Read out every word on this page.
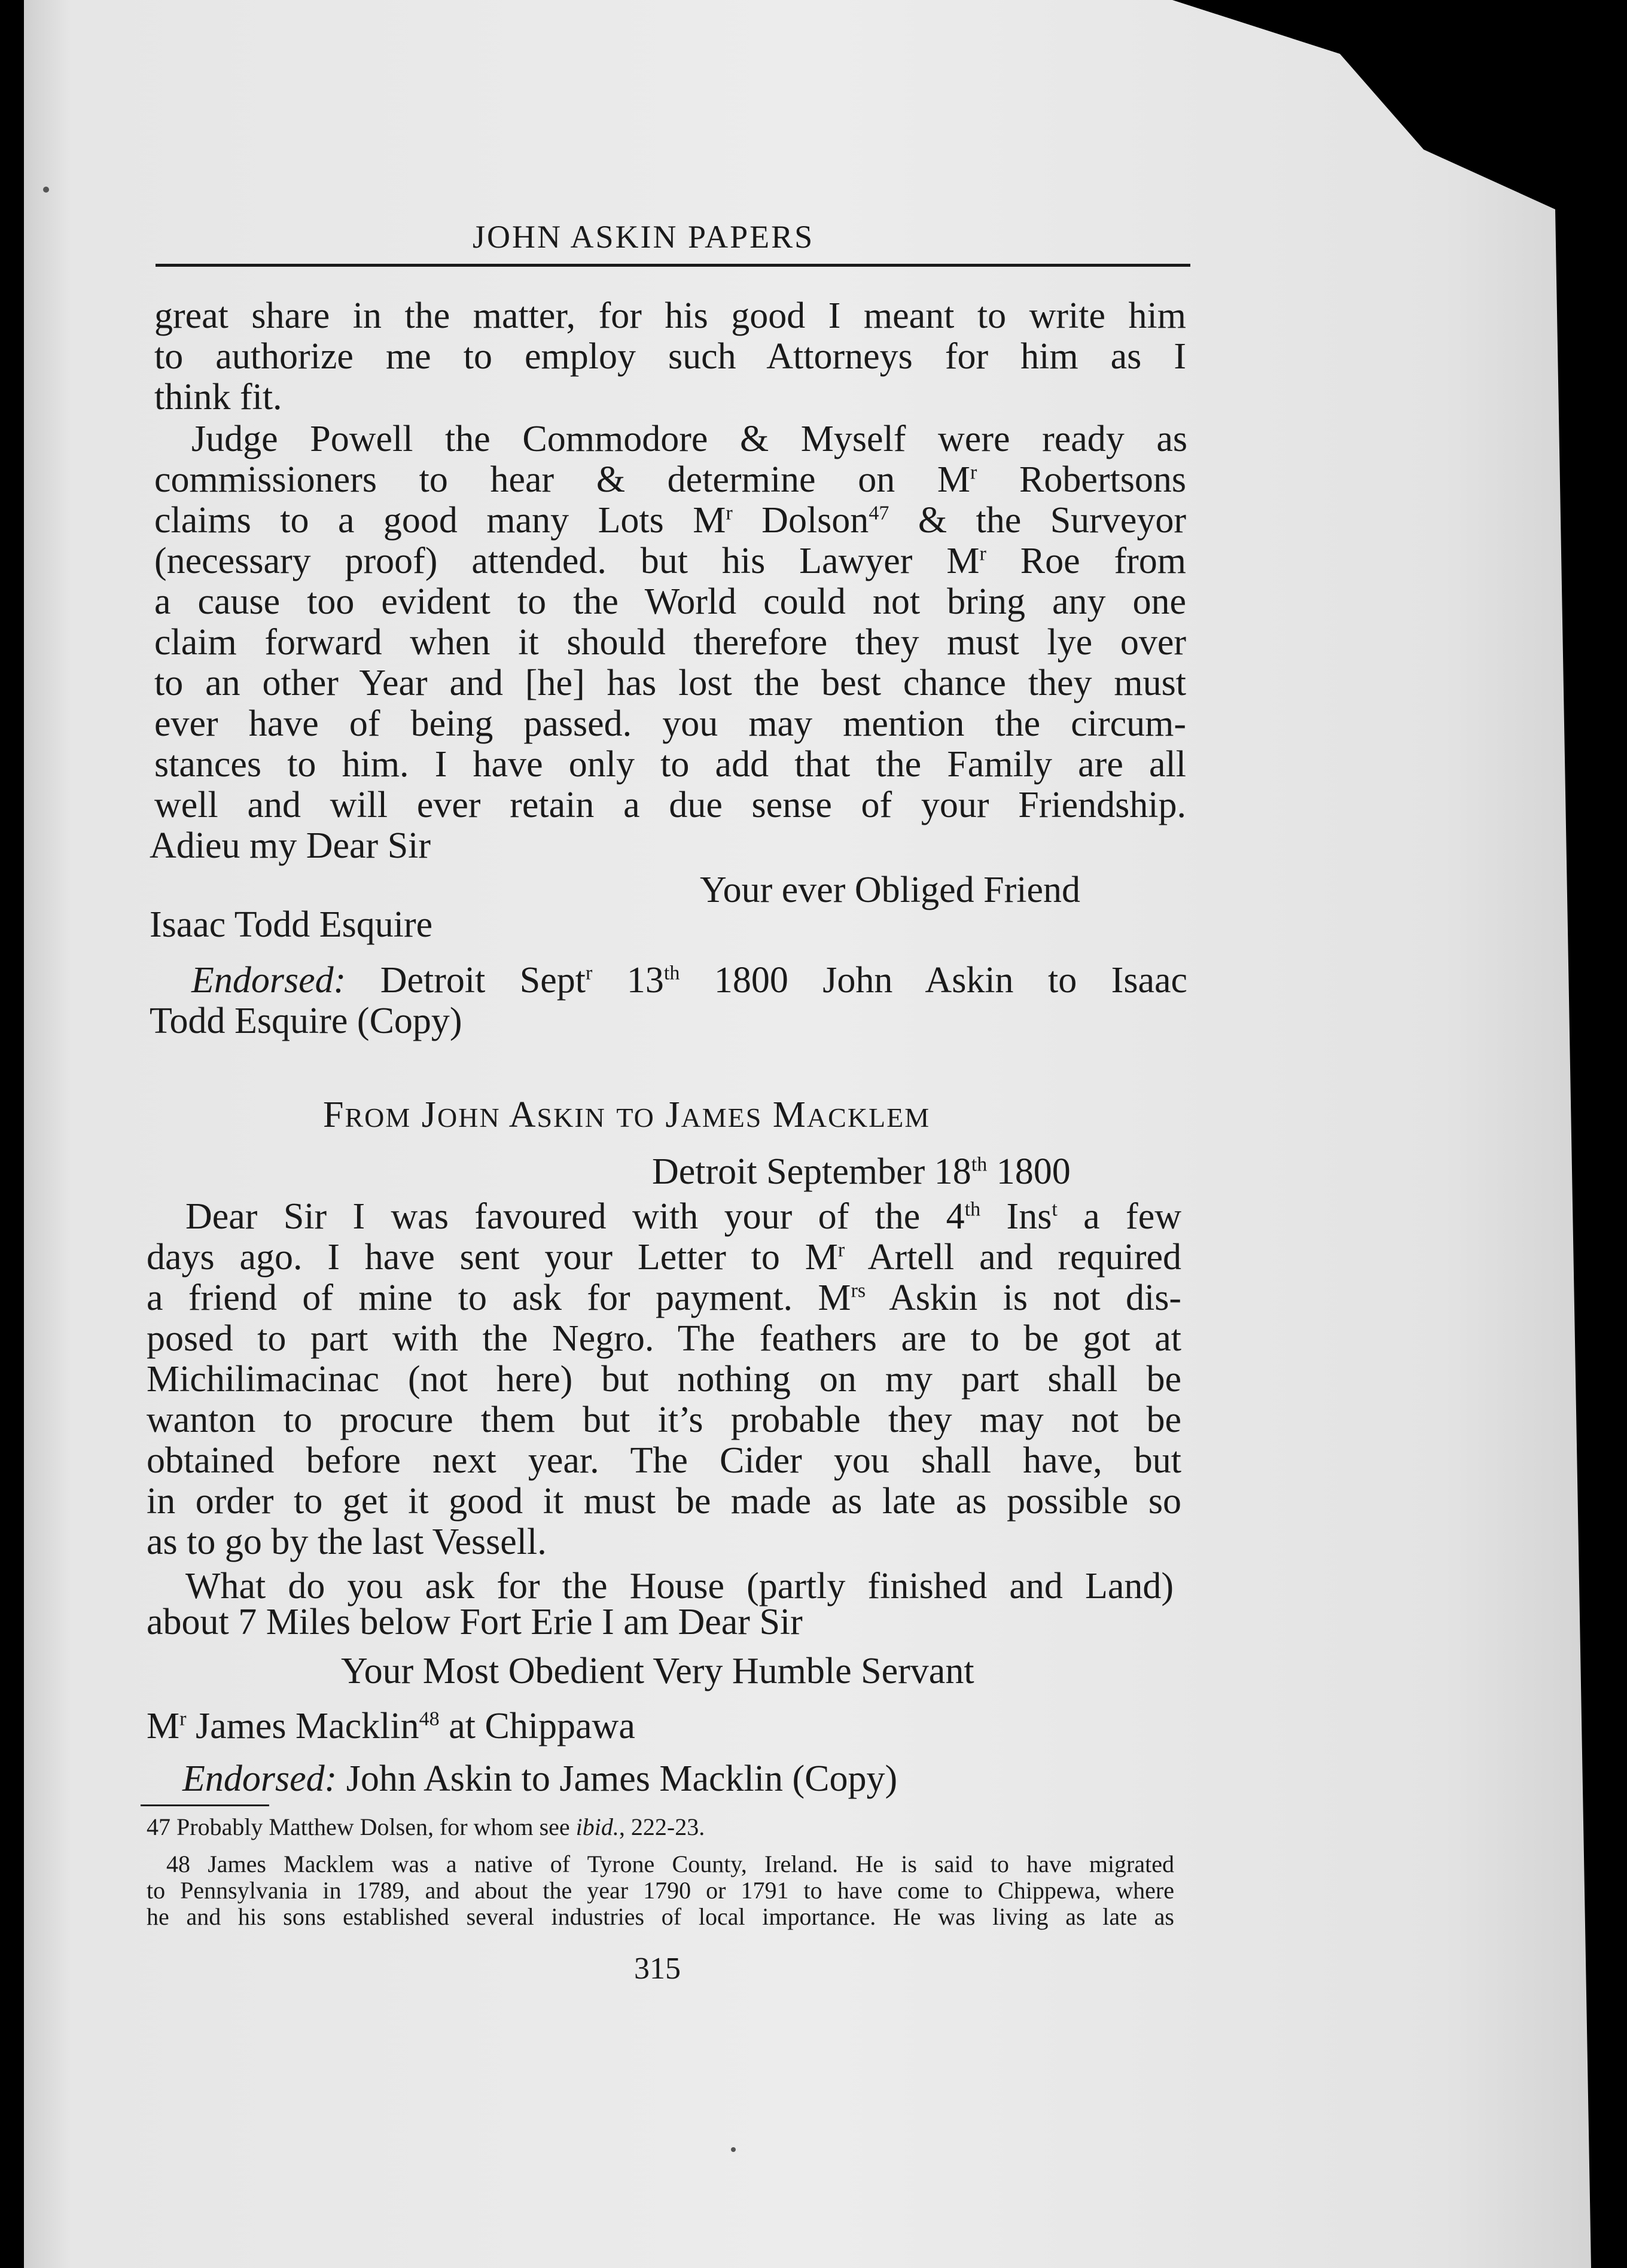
JOHN ASKIN PAPERS
great share in the matter, for his good I meant to write him
to authorize me to employ such Attorneys for him as I
think fit.
Judge Powell the Commodore & Myself were ready as
commissioners to hear & determine on $M^r$ Robertsons
claims to a good many Lots $M^r$ Dolson$^{47}$ & the Surveyor
(necessary proof) attended. but his Lawyer $M^r$ Roe from
a cause too evident to the World could not bring any one
claim forward when it should therefore they must lye over
to an other Year and [he] has lost the best chance they must
ever have of being passed. you may mention the circum-
stances to him. I have only to add that the Family are all
well and will ever retain a due sense of your Friendship.
Adieu my Dear Sir
Your ever Obliged Friend
Isaac Todd Esquire
Endorsed: Detroit Sept$^r$ 13th 1800 John Askin to Isaac
Todd Esquire (Copy)
FROM JOHN ASKIN TO JAMES MACKLEM
Detroit September 18th 1800
Dear Sir I was favoured with your of the 4th Ins$^t$ a few
days ago. I have sent your Letter to $M^r$ Artell and required
a friend of mine to ask for payment. $M^{rs}$ Askin is not dis-
posed to part with the Negro. The feathers are to be got at
Michilimacinac (not here) but nothing on my part shall be
wanton to procure them but it’s probable they may not be
obtained before next year. The Cider you shall have, but
in order to get it good it must be made as late as possible so
as to go by the last Vessell.
What do you ask for the House (partly finished and Land)
about 7 Miles below Fort Erie I am Dear Sir
Your Most Obedient Very Humble Servant
$M^r$ James Macklin$^{48}$ at Chippawa
Endorsed: John Askin to James Macklin (Copy)
47 Probably Matthew Dolsen, for whom see ibid., 222-23.
48 James Macklem was a native of Tyrone County, Ireland. He is said to have migrated
to Pennsylvania in 1789, and about the year 1790 or 1791 to have come to Chippewa, where
he and his sons established several industries of local importance. He was living as late as
315
